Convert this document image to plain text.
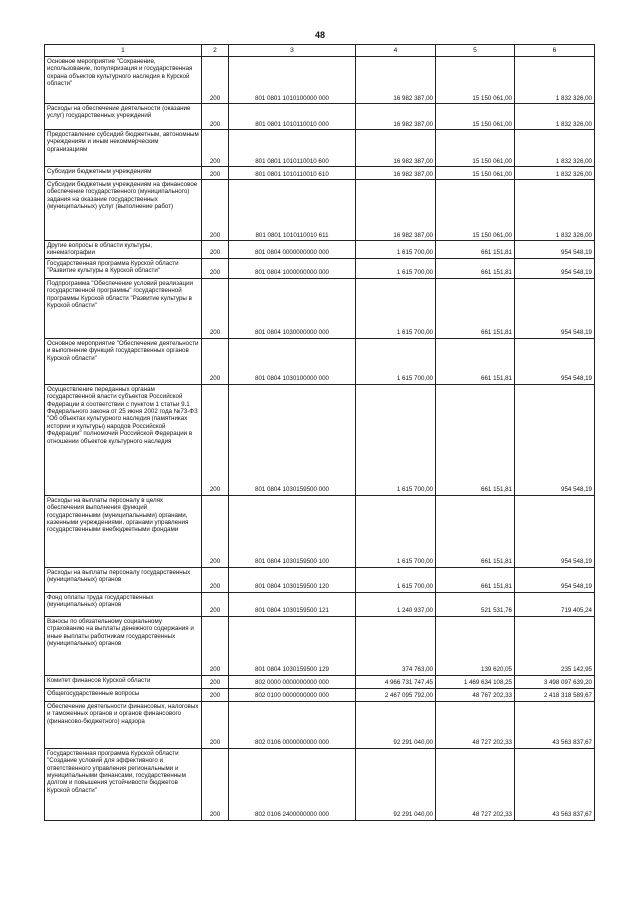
48
1	2	3	4	5	6
Основное мероприятие "Сохранение, использование, популяризация и государственная охрана объектов культурного наследия в Курской области"	200	801 0801 1010100000 000	16 982 387,00	15 150 061,00	1 832 326,00
Расходы на обеспечение деятельности (оказание услуг) государственных учреждений	200	801 0801 1010110010 000	16 982 387,00	15 150 061,00	1 832 326,00
Предоставление субсидий бюджетным, автономным учреждениям и иным некоммерческим организациям	200	801 0801 1010110010 600	16 982 387,00	15 150 061,00	1 832 326,00
Субсидии бюджетным учреждениям	200	801 0801 1010110010 610	16 982 387,00	15 150 061,00	1 832 326,00
Субсидии бюджетным учреждениям на финансовое обеспечение государственного (муниципального) задания на оказание государственных (муниципальных) услуг (выполнение работ)	200	801 0801 1010110010 611	16 982 387,00	15 150 061,00	1 832 326,00
Другие вопросы в области культуры, кинематографии	200	801 0804 0000000000 000	1 615 700,00	661 151,81	954 548,19
Государственная программа Курской области "Развитие культуры в Курской области"	200	801 0804 1000000000 000	1 615 700,00	661 151,81	954 548,19
Подпрограмма "Обеспечение условий реализации государственной программы" государственной программы Курской области "Развитие культуры в Курской области"	200	801 0804 1030000000 000	1 615 700,00	661 151,81	954 548,19
Основное мероприятие "Обеспечение деятельности и выполнение функций государственных органов Курской области"	200	801 0804 1030100000 000	1 615 700,00	661 151,81	954 548,19
Осуществление переданных органам государственной власти субъектов Российской Федерации в соответствии с пунктом 1 статьи 9.1 Федерального закона от 25 июня 2002 года №73-ФЗ "Об объектах культурного наследия (памятниках истории и культуры) народов Российской Федерации" полномочий Российской Федерации в отношении объектов культурного наследия	200	801 0804 1030159500 000	1 615 700,00	661 151,81	954 548,19
Расходы на выплаты персоналу в целях обеспечения выполнения функций государственными (муниципальными) органами, казенными учреждениями, органами управления государственными внебюджетными фондами	200	801 0804 1030159500 100	1 615 700,00	661 151,81	954 548,19
Расходы на выплаты персоналу государственных (муниципальных) органов	200	801 0804 1030159500 120	1 615 700,00	661 151,81	954 548,19
Фонд оплаты труда государственных (муниципальных) органов	200	801 0804 1030159500 121	1 240 937,00	521 531,76	719 405,24
Взносы по обязательному социальному страхованию на выплаты денежного содержания и иные выплаты работникам государственных (муниципальных) органов	200	801 0804 1030159500 129	374 763,00	139 620,05	235 142,95
Комитет финансов Курской области	200	802 0000 0000000000 000	4 966 731 747,45	1 469 634 108,25	3 498 097 639,20
Общегосударственные вопросы	200	802 0100 0000000000 000	2 467 095 792,00	48 767 202,33	2 418 318 589,67
Обеспечение деятельности финансовых, налоговых и таможенных органов и органов финансового (финансово-бюджетного) надзора	200	802 0106 0000000000 000	92 291 040,00	48 727 202,33	43 563 837,67
Государственная программа Курской области "Создание условий для эффективного и ответственного управления региональными и муниципальными финансами, государственным долгом и повышения устойчивости бюджетов Курской области"	200	802 0106 2400000000 000	92 291 040,00	48 727 202,33	43 563 837,67
